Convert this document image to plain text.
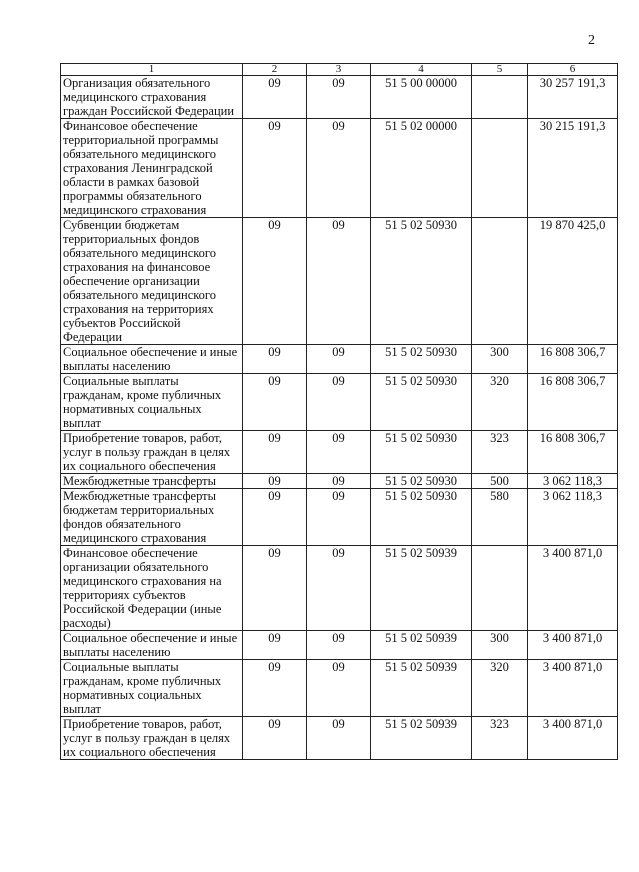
2
1	2	3	4	5	6
Организация обязательного медицинского страхования граждан Российской Федерации	09	09	51 5 00 00000		30 257 191,3
Финансовое обеспечение территориальной программы обязательного медицинского страхования Ленинградской области в рамках базовой программы обязательного медицинского страхования	09	09	51 5 02 00000		30 215 191,3
Субвенции бюджетам территориальных фондов обязательного медицинского страхования на финансовое обеспечение организации обязательного медицинского страхования на территориях субъектов Российской Федерации	09	09	51 5 02 50930		19 870 425,0
Социальное обеспечение и иные выплаты населению	09	09	51 5 02 50930	300	16 808 306,7
Социальные выплаты гражданам, кроме публичных нормативных социальных выплат	09	09	51 5 02 50930	320	16 808 306,7
Приобретение товаров, работ, услуг в пользу граждан в целях их социального обеспечения	09	09	51 5 02 50930	323	16 808 306,7
Межбюджетные трансферты	09	09	51 5 02 50930	500	3 062 118,3
Межбюджетные трансферты бюджетам территориальных фондов обязательного медицинского страхования	09	09	51 5 02 50930	580	3 062 118,3
Финансовое обеспечение организации обязательного медицинского страхования на территориях субъектов Российской Федерации (иные расходы)	09	09	51 5 02 50939		3 400 871,0
Социальное обеспечение и иные выплаты населению	09	09	51 5 02 50939	300	3 400 871,0
Социальные выплаты гражданам, кроме публичных нормативных социальных выплат	09	09	51 5 02 50939	320	3 400 871,0
Приобретение товаров, работ, услуг в пользу граждан в целях их социального обеспечения	09	09	51 5 02 50939	323	3 400 871,0
